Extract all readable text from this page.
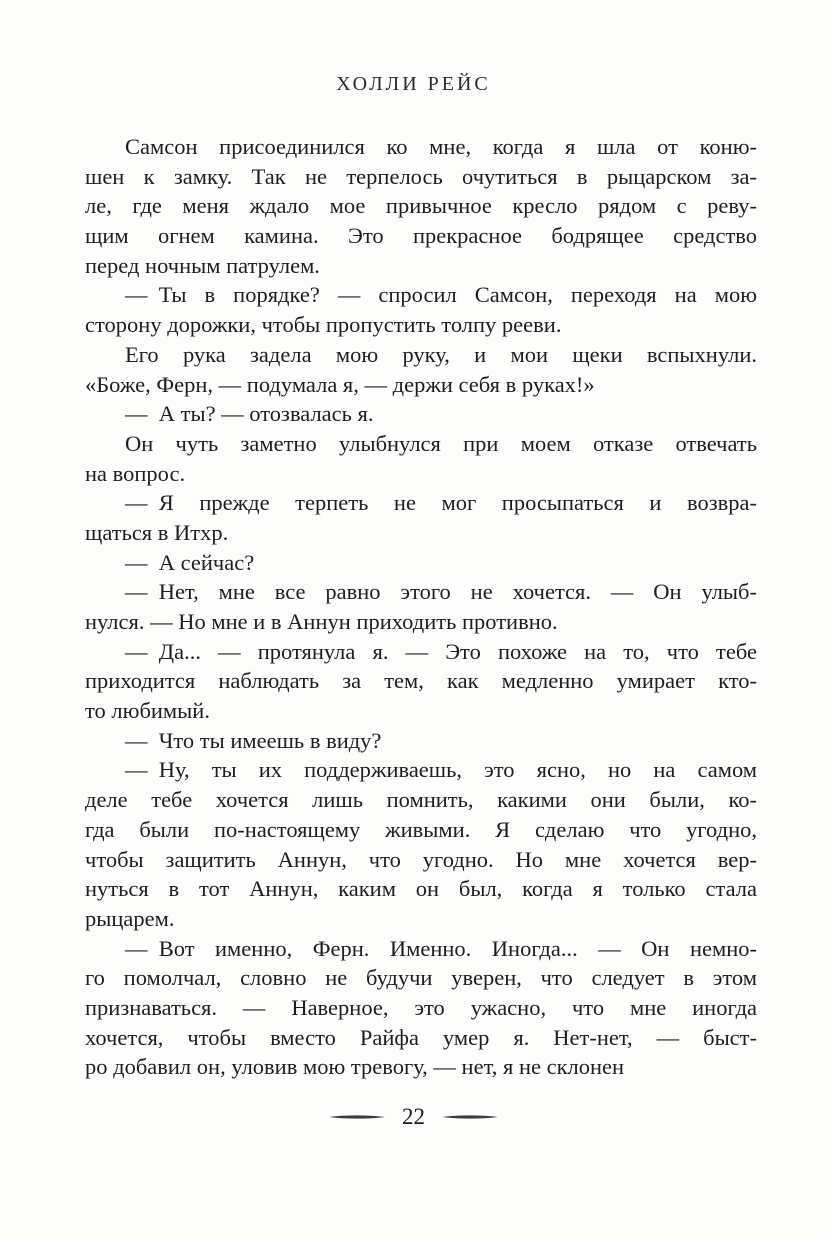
ХОЛЛИ РЕЙС
Самсон присоединился ко мне, когда я шла от коню-
шен к замку. Так не терпелось очутиться в рыцарском за-
ле, где меня ждало мое привычное кресло рядом с реву-
щим огнем камина. Это прекрасное бодрящее средство
перед ночным патрулем.
— Ты в порядке? — спросил Самсон, переходя на мою
сторону дорожки, чтобы пропустить толпу рееви.
Его рука задела мою руку, и мои щеки вспыхнули.
«Боже, Ферн, — подумала я, — держи себя в руках!»
— А ты? — отозвалась я.
Он чуть заметно улыбнулся при моем отказе отвечать
на вопрос.
— Я прежде терпеть не мог просыпаться и возвра-
щаться в Итхр.
— А сейчас?
— Нет, мне все равно этого не хочется. — Он улыб-
нулся. — Но мне и в Аннун приходить противно.
— Да... — протянула я. — Это похоже на то, что тебе
приходится наблюдать за тем, как медленно умирает кто-
то любимый.
— Что ты имеешь в виду?
— Ну, ты их поддерживаешь, это ясно, но на самом
деле тебе хочется лишь помнить, какими они были, ко-
гда были по-настоящему живыми. Я сделаю что угодно,
чтобы защитить Аннун, что угодно. Но мне хочется вер-
нуться в тот Аннун, каким он был, когда я только стала
рыцарем.
— Вот именно, Ферн. Именно. Иногда... — Он немно-
го помолчал, словно не будучи уверен, что следует в этом
признаваться. — Наверное, это ужасно, что мне иногда
хочется, чтобы вместо Райфа умер я. Нет-нет, — быст-
ро добавил он, уловив мою тревогу, — нет, я не склонен
22
